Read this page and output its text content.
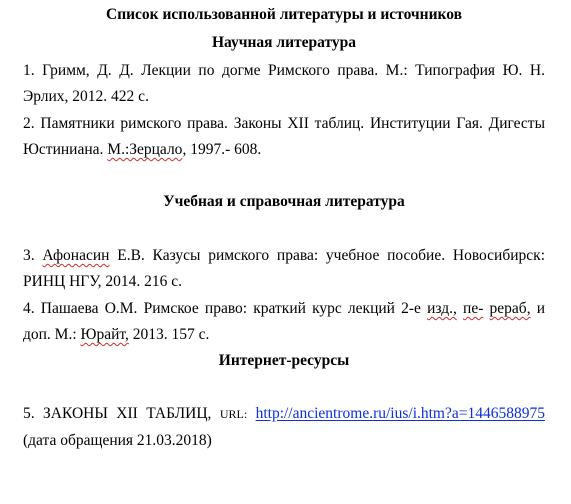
Список использованной литературы и источников
Научная литература
1. Гримм, Д. Д. Лекции по догме Римского права. М.: Типография Ю. Н.
Эрлих, 2012. 422 с.
2. Памятники римского права. Законы XII таблиц. Институции Гая. Дигесты
Юстиниана. М.:Зерцало, 1997.- 608.
Учебная и справочная литература
3. Афонасин Е.В. Казусы римского права: учебное пособие. Новосибирск:
РИНЦ НГУ, 2014. 216 с.
4. Пашаева О.М. Римское право: краткий курс лекций 2-е изд., пе- рераб, и
доп. М.: Юрайт, 2013. 157 с.
Интернет-ресурсы
5. ЗАКОНЫ XII ТАБЛИЦ, URL: http://ancientrome.ru/ius/i.htm?a=1446588975
(дата обращения 21.03.2018)
